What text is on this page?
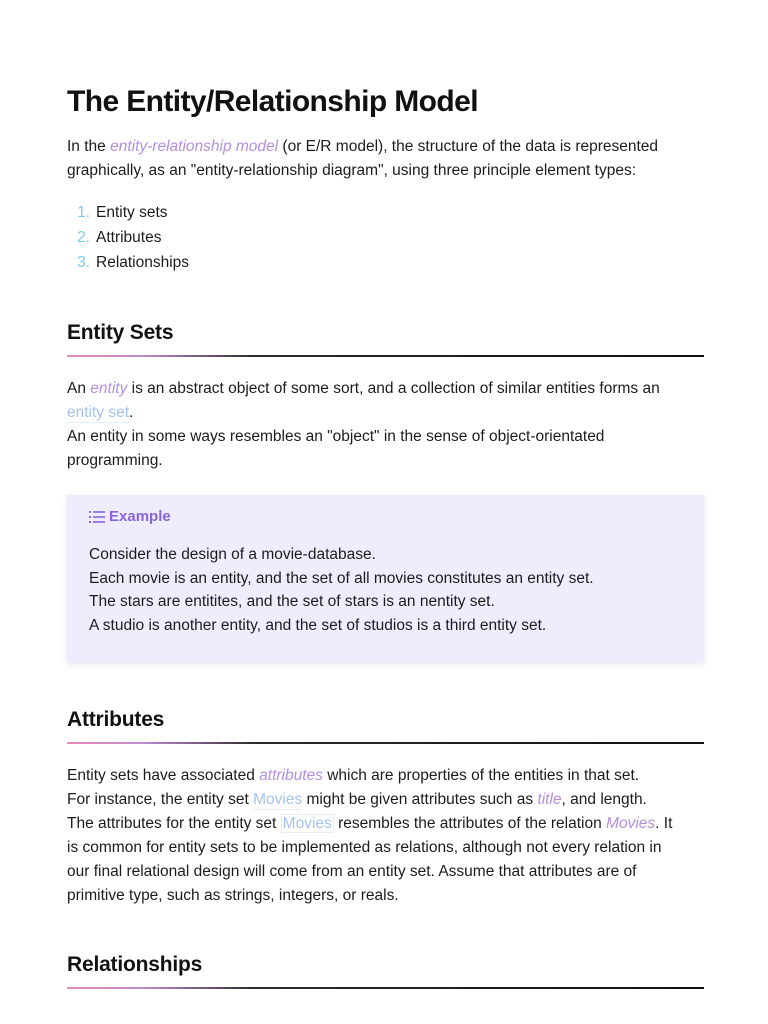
The Entity/Relationship Model

In the entity-relationship model (or E/R model), the structure of the data is represented
graphically, as an "entity-relationship diagram", using three principle element types:

1. Entity sets
2. Attributes
3. Relationships
Entity Sets
An entity is an abstract object of some sort, and a collection of similar entities forms an
entity set.
An entity in some ways resembles an "object" in the sense of object-orientated
programming.
Example
Consider the design of a movie-database.
Each movie is an entity, and the set of all movies constitutes an entity set.
The stars are entitites, and the set of stars is an nentity set.
A studio is another entity, and the set of studios is a third entity set.
Attributes
Entity sets have associated attributes which are properties of the entities in that set.
For instance, the entity set Movies might be given attributes such as title, and length.
The attributes for the entity set Movies resembles the attributes of the relation Movies. It
is common for entity sets to be implemented as relations, although not every relation in
our final relational design will come from an entity set. Assume that attributes are of
primitive type, such as strings, integers, or reals.
Relationships
